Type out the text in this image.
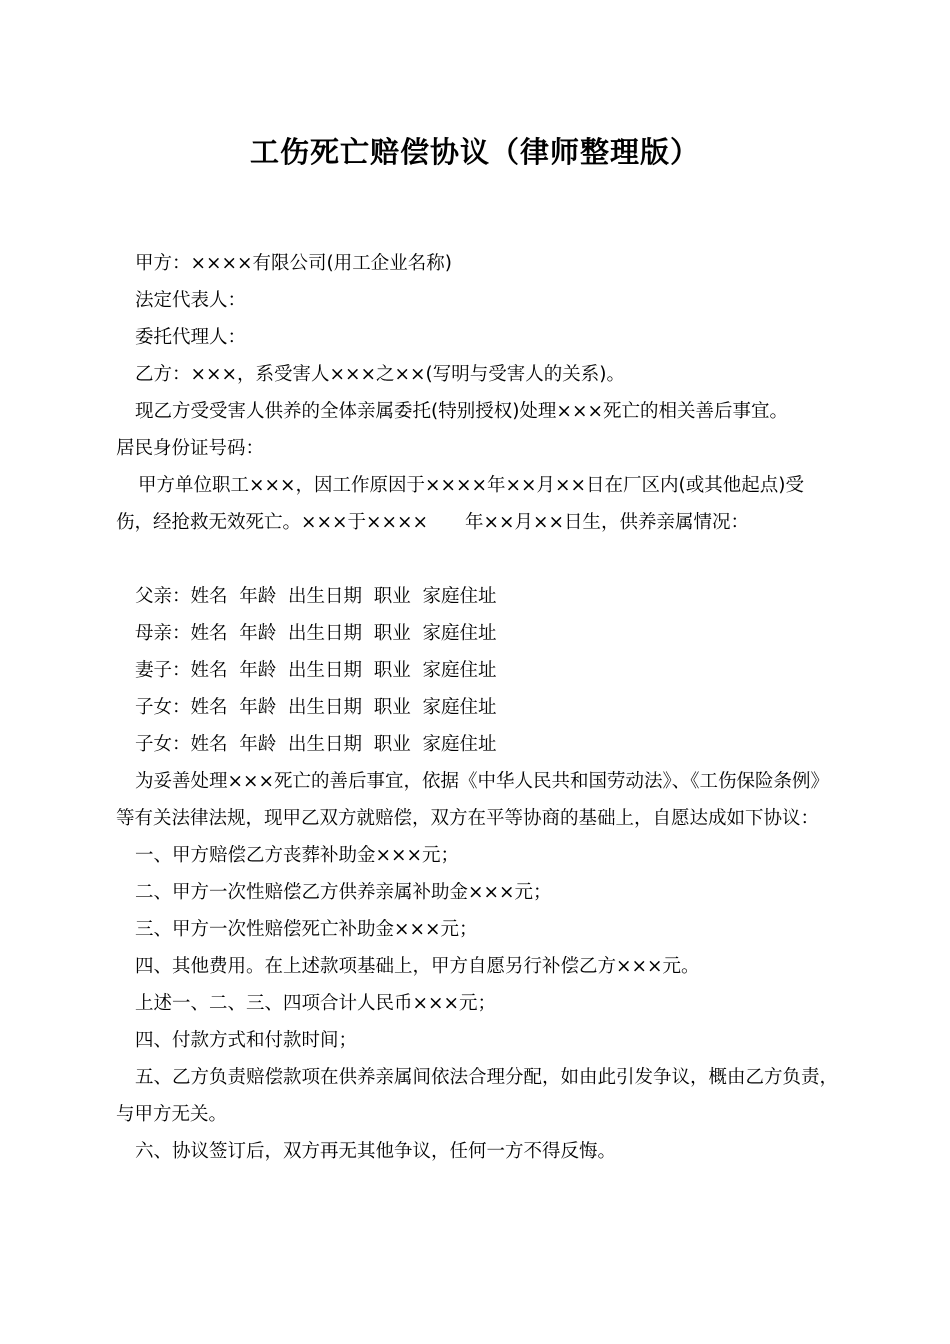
工伤死亡赔偿协议（律师整理版）

甲方：××××有限公司(用工企业名称)

法定代表人：

委托代理人：

乙方：×××，系受害人×××之××(写明与受害人的关系)。

现乙方受受害人供养的全体亲属委托(特别授权)处理×××死亡的相关善后事宜。

居民身份证号码：

甲方单位职工×××，因工作原因于××××年××月××日在厂区内(或其他起点)受伤，经抢救无效死亡。×××于××××　　年××月××日生，供养亲属情况：

父亲：姓名  年龄  出生日期  职业  家庭住址

母亲：姓名  年龄  出生日期  职业  家庭住址

妻子：姓名  年龄  出生日期  职业  家庭住址

子女：姓名  年龄  出生日期  职业  家庭住址

子女：姓名  年龄  出生日期  职业  家庭住址

为妥善处理×××死亡的善后事宜，依据《中华人民共和国劳动法》、《工伤保险条例》等有关法律法规，现甲乙双方就赔偿，双方在平等协商的基础上，自愿达成如下协议：

一、甲方赔偿乙方丧葬补助金×××元；

二、甲方一次性赔偿乙方供养亲属补助金×××元；

三、甲方一次性赔偿死亡补助金×××元；

四、其他费用。在上述款项基础上，甲方自愿另行补偿乙方×××元。

上述一、二、三、四项合计人民币×××元；

四、付款方式和付款时间；

五、乙方负责赔偿款项在供养亲属间依法合理分配，如由此引发争议，概由乙方负责，与甲方无关。

六、协议签订后，双方再无其他争议，任何一方不得反悔。
